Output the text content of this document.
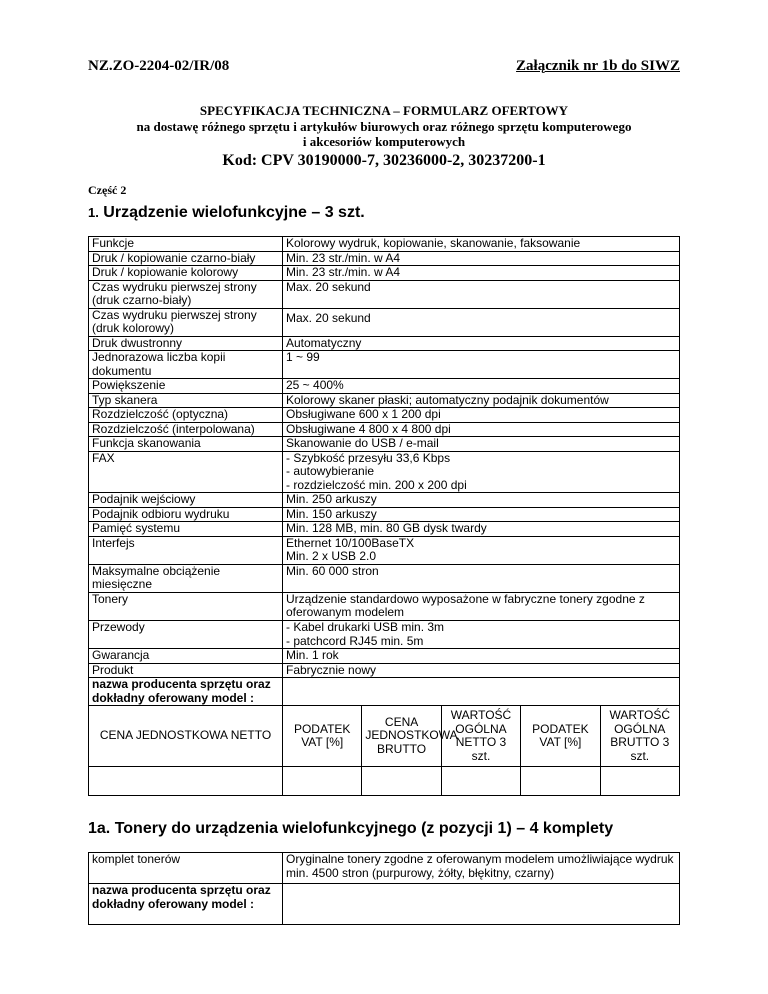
NZ.ZO-2204-02/IR/08	Załącznik nr 1b do SIWZ
SPECYFIKACJA TECHNICZNA – FORMULARZ OFERTOWY
na dostawę różnego sprzętu i artykułów biurowych oraz różnego sprzętu komputerowego
i akcesoriów komputerowych
Kod: CPV 30190000-7, 30236000-2, 30237200-1
Część 2
1. Urządzenie wielofunkcyjne – 3 szt.
Funkcje	Kolorowy wydruk, kopiowanie, skanowanie, faksowanie				
Druk / kopiowanie czarno-biały	Min. 23 str./min. w A4				
Druk / kopiowanie kolorowy	Min. 23 str./min. w A4				
Czas wydruku pierwszej strony (druk czarno-biały)	Max. 20 sekund				
Czas wydruku pierwszej strony (druk kolorowy)	Max. 20 sekund				
Druk dwustronny	Automatyczny				
Jednorazowa liczba kopii dokumentu	1 ~ 99				
Powiększenie	25 ~ 400%				
Typ skanera	Kolorowy skaner płaski; automatyczny podajnik dokumentów				
Rozdzielczość (optyczna)	Obsługiwane 600 x 1 200 dpi				
Rozdzielczość (interpolowana)	Obsługiwane 4 800 x 4 800 dpi				
Funkcja skanowania	Skanowanie do USB / e-mail				
FAX	- Szybkość przesyłu 33,6 Kbps
- autowybieranie
- rozdzielczość min. 200 x 200 dpi				
Podajnik wejściowy	Min. 250 arkuszy				
Podajnik odbioru wydruku	Min. 150 arkuszy				
Pamięć systemu	Min. 128 MB, min. 80 GB dysk twardy				
Interfejs	Ethernet 10/100BaseTX
Min. 2 x USB 2.0				
Maksymalne obciążenie miesięczne	Min. 60 000 stron				
Tonery	Urządzenie standardowo wyposażone w fabryczne tonery zgodne z oferowanym modelem				
Przewody	- Kabel drukarki USB min. 3m
- patchcord RJ45 min. 5m				
Gwarancja	Min. 1 rok				
Produkt	Fabrycznie nowy				
nazwa producenta sprzętu oraz dokładny oferowany model :					
CENA JEDNOSTKOWA NETTO	PODATEK VAT [%]	CENA JEDNOSTKOWA BRUTTO	WARTOŚĆ OGÓLNA NETTO 3 szt.	PODATEK VAT [%]	WARTOŚĆ OGÓLNA BRUTTO 3 szt.

1a. Tonery do urządzenia wielofunkcyjnego (z pozycji 1) – 4 komplety
komplet tonerów	Oryginalne tonery zgodne z oferowanym modelem umożliwiające wydruk min. 4500 stron (purpurowy, żółty, błękitny, czarny)
nazwa producenta sprzętu oraz dokładny oferowany model :	
